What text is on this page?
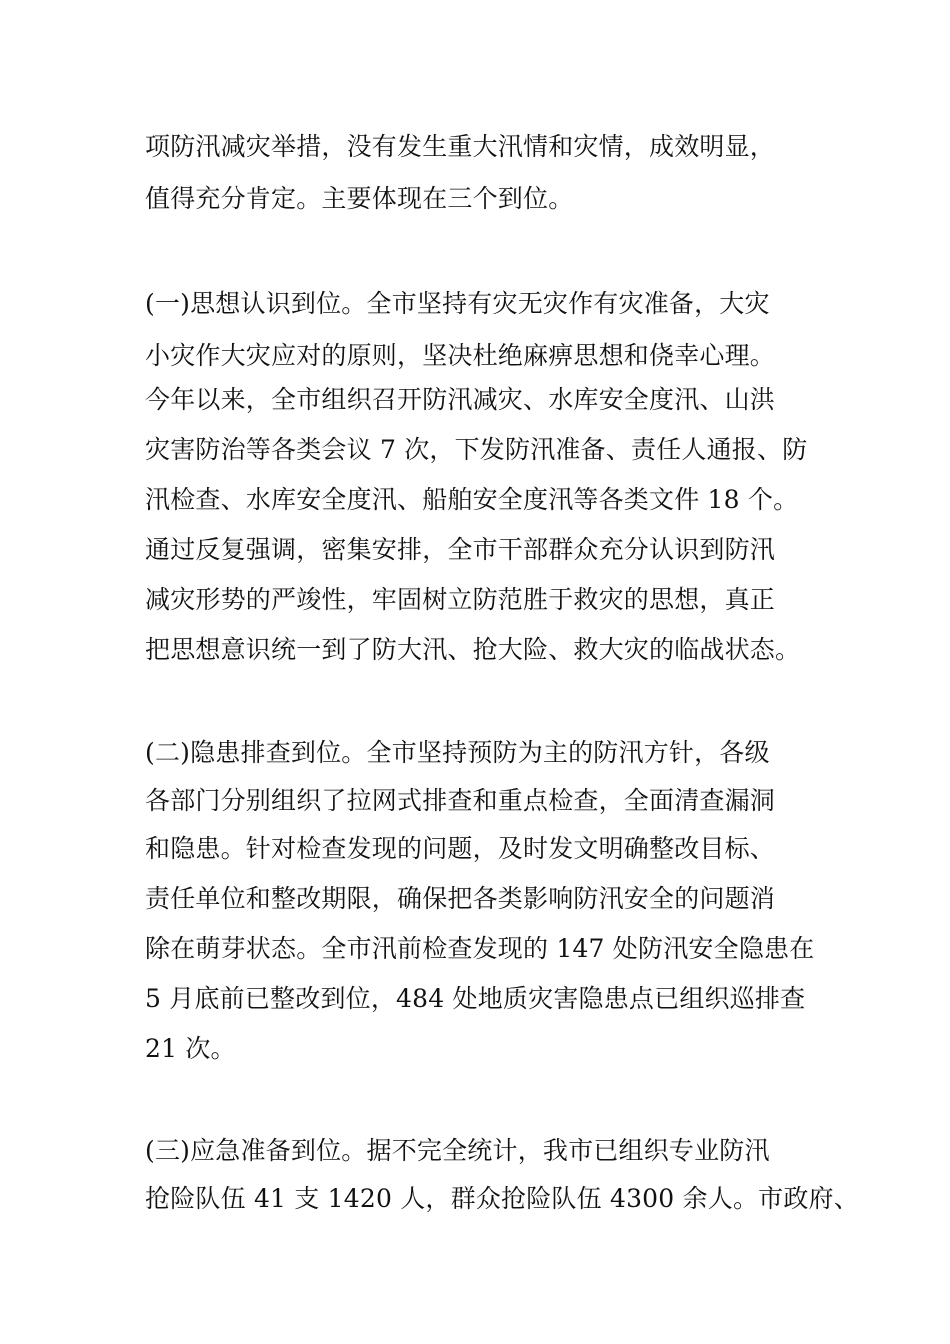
项防汛减灾举措，没有发生重大汛情和灾情，成效明显，
值得充分肯定。主要体现在三个到位。
(一)思想认识到位。全市坚持有灾无灾作有灾准备，大灾
小灾作大灾应对的原则，坚决杜绝麻痹思想和侥幸心理。
今年以来，全市组织召开防汛减灾、水库安全度汛、山洪
灾害防治等各类会议 7 次，下发防汛准备、责任人通报、防
汛检查、水库安全度汛、船舶安全度汛等各类文件 18 个。
通过反复强调，密集安排，全市干部群众充分认识到防汛
减灾形势的严竣性，牢固树立防范胜于救灾的思想，真正
把思想意识统一到了防大汛、抢大险、救大灾的临战状态。
(二)隐患排查到位。全市坚持预防为主的防汛方针，各级
各部门分别组织了拉网式排查和重点检查，全面清查漏洞
和隐患。针对检查发现的问题，及时发文明确整改目标、
责任单位和整改期限，确保把各类影响防汛安全的问题消
除在萌芽状态。全市汛前检查发现的 147 处防汛安全隐患在
5 月底前已整改到位，484 处地质灾害隐患点已组织巡排查
21 次。
(三)应急准备到位。据不完全统计，我市已组织专业防汛
抢险队伍 41 支 1420 人，群众抢险队伍 4300 余人。市政府、
